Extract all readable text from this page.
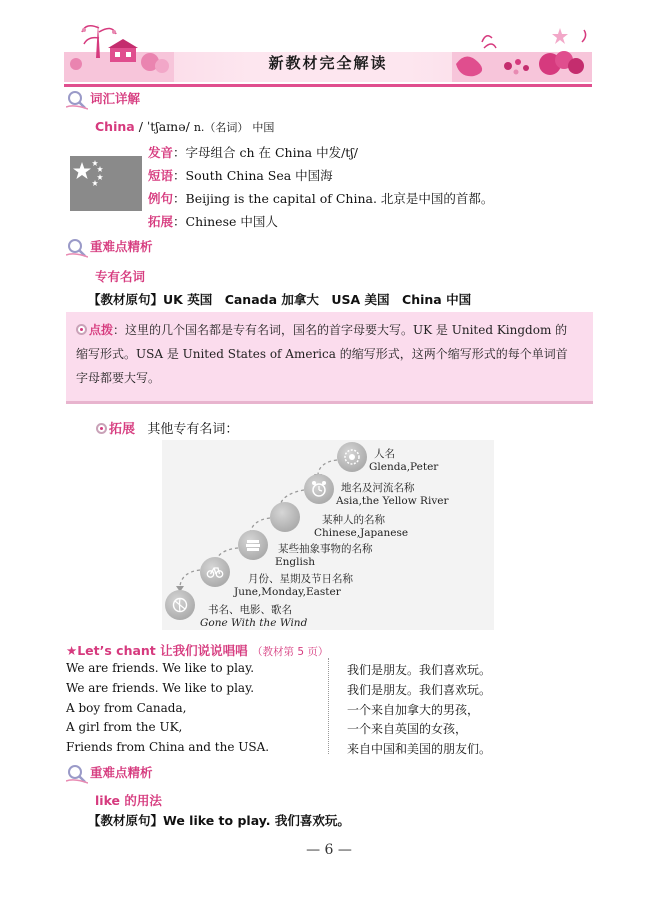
新教材完全解读
词汇详解
China / ˈtʃaɪnə/ n.（名词） 中国
发音：字母组合 ch 在 China 中发/tʃ/
短语：South China Sea 中国海
例句：Beijing is the capital of China. 北京是中国的首都。
拓展：Chinese 中国人
重难点精析
专有名词
【教材原句】UK 英国　Canada 加拿大　USA 美国　China 中国

点拨：这里的几个国名都是专有名词，国名的首字母要大写。UK 是 United Kingdom 的缩写形式。USA 是 United States of America 的缩写形式，这两个缩写形式的每个单词首字母都要大写。

拓展 其他专有名词：
人名
Glenda,Peter
地名及河流名称
Asia,the Yellow River
某种人的名称
Chinese,Japanese
某些抽象事物的名称
English
月份、星期及节日名称
June,Monday,Easter
书名、电影、歌名
Gone With the Wind
★Let’s chant 让我们说说唱唱 （教材第 5 页）
We are friends. We like to play.
We are friends. We like to play.
A boy from Canada,
A girl from the UK,
Friends from China and the USA.
我们是朋友。我们喜欢玩。
我们是朋友。我们喜欢玩。
一个来自加拿大的男孩，
一个来自英国的女孩，
来自中国和美国的朋友们。
重难点精析
like 的用法
【教材原句】We like to play. 我们喜欢玩。
— 6 —
